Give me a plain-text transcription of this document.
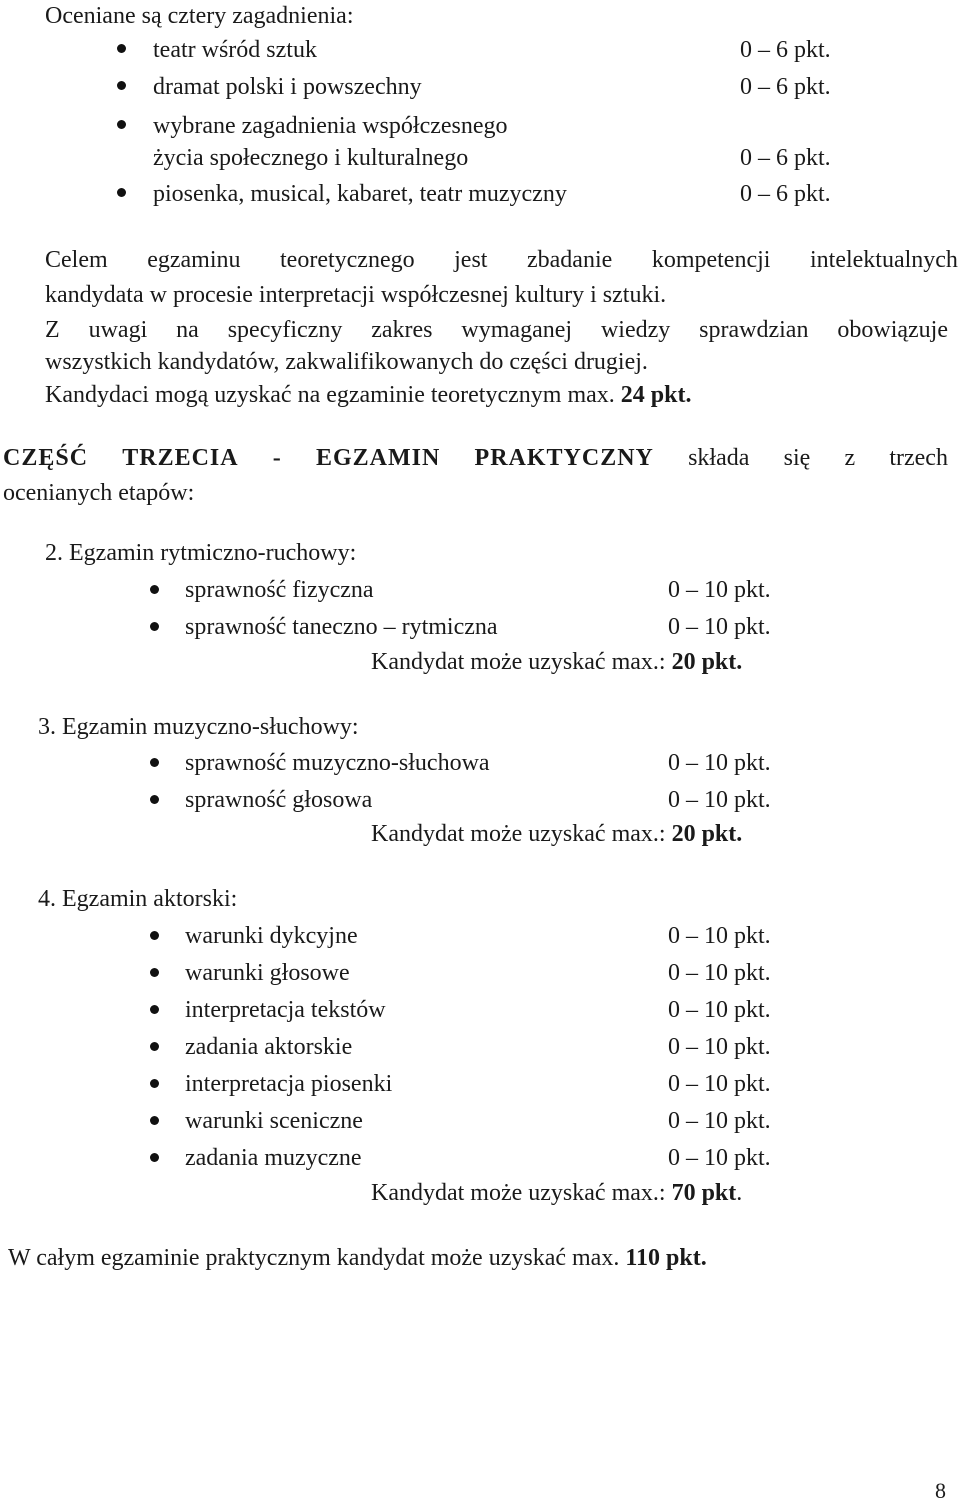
Oceniane są cztery zagadnienia:
teatr wśród sztuk	0 – 6 pkt.
dramat polski i powszechny	0 – 6 pkt.
wybrane zagadnienia współczesnego
życia społecznego i kulturalnego	0 – 6 pkt.
piosenka, musical, kabaret, teatr muzyczny	0 – 6 pkt.
Celem egzaminu teoretycznego jest zbadanie kompetencji intelektualnych
kandydata w procesie interpretacji współczesnej kultury i sztuki.
Z uwagi na specyficzny zakres wymaganej wiedzy sprawdzian obowiązuje
wszystkich kandydatów, zakwalifikowanych do części drugiej.
Kandydaci mogą uzyskać na egzaminie teoretycznym max. 24 pkt.
CZĘŚĆ TRZECIA - EGZAMIN PRAKTYCZNY składa się z trzech
ocenianych etapów:
2. Egzamin rytmiczno-ruchowy:
sprawność fizyczna	0 – 10 pkt.
sprawność taneczno – rytmiczna	0 – 10 pkt.
Kandydat może uzyskać max.: 20 pkt.
3. Egzamin muzyczno-słuchowy:
sprawność muzyczno-słuchowa	0 – 10 pkt.
sprawność głosowa	0 – 10 pkt.
Kandydat może uzyskać max.: 20 pkt.
4. Egzamin aktorski:
warunki dykcyjne	0 – 10 pkt.
warunki głosowe	0 – 10 pkt.
interpretacja tekstów	0 – 10 pkt.
zadania aktorskie	0 – 10 pkt.
interpretacja piosenki	0 – 10 pkt.
warunki sceniczne	0 – 10 pkt.
zadania muzyczne	0 – 10 pkt.
Kandydat może uzyskać max.: 70 pkt.
W całym egzaminie praktycznym kandydat może uzyskać max. 110 pkt.
8
